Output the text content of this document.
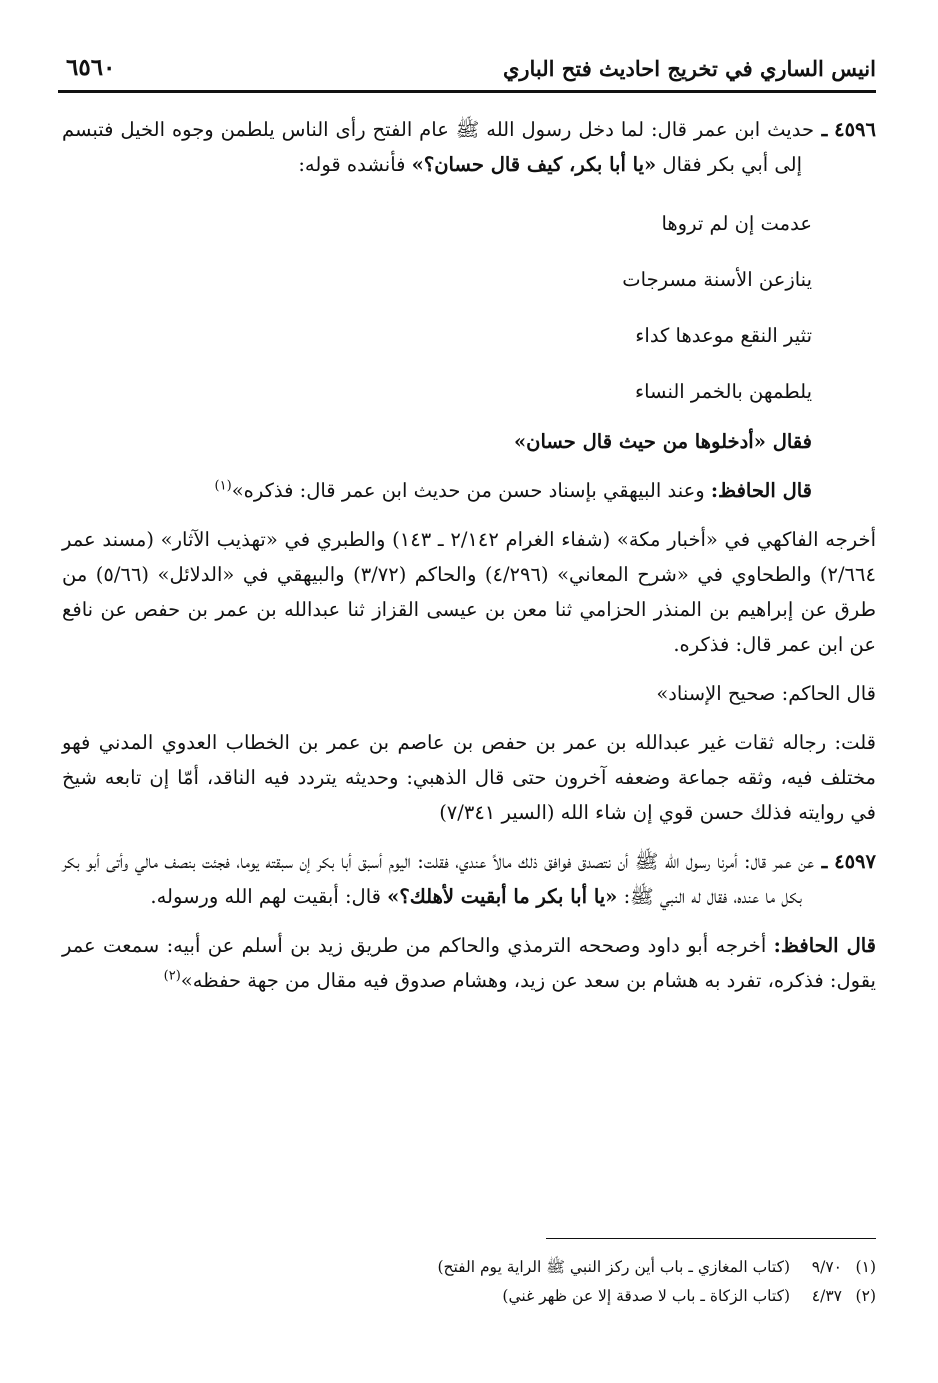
انيس الساري في تخريج احاديث فتح الباري
٦٥٦٠

٤٥٩٦ ـحديث ابن عمر قال: لما دخل رسول الله ﷺ عام الفتح رأى الناس يلطمن وجوه الخيل فتبسم إلى أبي بكر فقال «يا أبا بكر، كيف قال حسان؟» فأنشده قوله:

عدمت إن لم تروها
ينازعن الأسنة مسرجات
تثير النقع موعدها كداء
يلطمهن بالخمر النساء

فقال «أدخلوها من حيث قال حسان»

قال الحافظ: وعند البيهقي بإسناد حسن من حديث ابن عمر قال: فذكره»$^{(١)}$

أخرجه الفاكهي في «أخبار مكة» (شفاء الغرام ٢/١٤٢ ـ ١٤٣) والطبري في «تهذيب الآثار» (مسند عمر ٢/٦٦٤) والطحاوي في «شرح المعاني» (٤/٢٩٦) والحاكم (٣/٧٢) والبيهقي في «الدلائل» (٥/٦٦) من طرق عن إبراهيم بن المنذر الحزامي ثنا معن بن عيسى القزاز ثنا عبدالله بن عمر بن حفص عن نافع عن ابن عمر قال: فذكره.

قال الحاكم: صحيح الإسناد»

قلت: رجاله ثقات غير عبدالله بن عمر بن حفص بن عاصم بن عمر بن الخطاب العدوي المدني فهو مختلف فيه، وثقه جماعة وضعفه آخرون حتى قال الذهبي: وحديثه يتردد فيه الناقد، أمّا إن تابعه شيخ في روايته فذلك حسن قوي إن شاء الله (السير ٧/٣٤١)

٤٥٩٧ ـعن عمر قال: أمرنا رسول الله ﷺ أن نتصدق فوافق ذلك مالاً عندي، فقلت: اليوم أسبق أبا بكر إن سبقته يوما، فجئت بنصف مالي وأتى أبو بكر بكل ما عنده، فقال له النبي ﷺ: «يا أبا بكر ما أبقيت لأهلك؟» قال: أبقيت لهم الله ورسوله.

قال الحافظ: أخرجه أبو داود وصححه الترمذي والحاكم من طريق زيد بن أسلم عن أبيه: سمعت عمر يقول: فذكره، تفرد به هشام بن سعد عن زيد، وهشام صدوق فيه مقال من جهة حفظه»$^{(٢)}$

(١)٩/٧٠(كتاب المغازي ـ باب أين ركز النبي ﷺ الراية يوم الفتح)
(٢)٤/٣٧(كتاب الزكاة ـ باب لا صدقة إلا عن ظهر غني)
